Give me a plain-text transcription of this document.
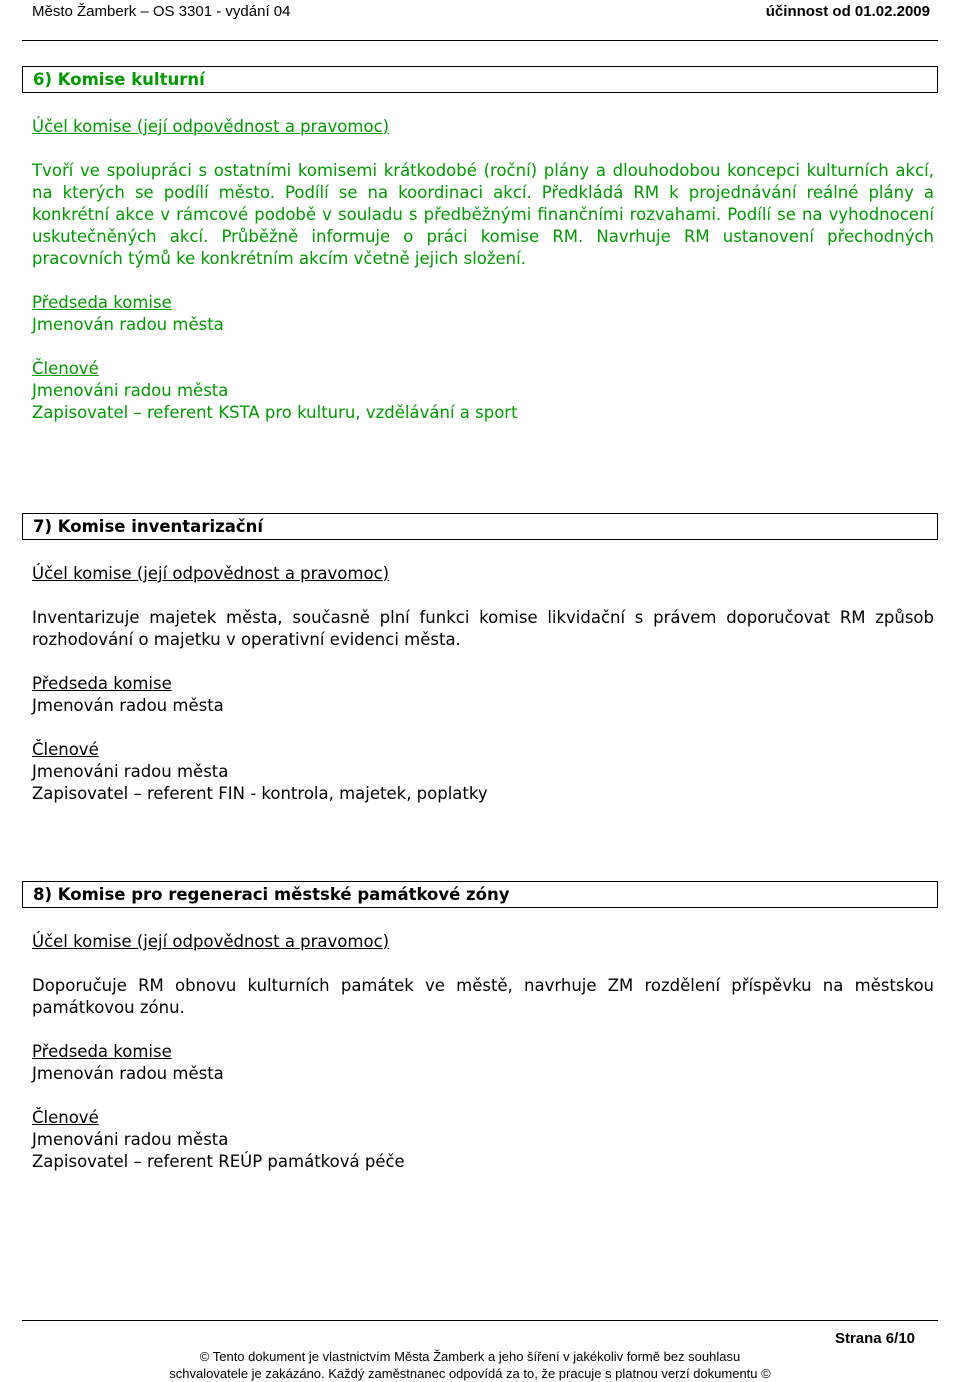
Město Žamberk – OS 3301 - vydání 04	účinnost od 01.02.2009
6) Komise kulturní
Účel komise (její odpovědnost a pravomoc)
Tvoří ve spolupráci s ostatními komisemi krátkodobé (roční) plány a dlouhodobou koncepci kulturních akcí, na kterých se podílí město. Podílí se na koordinaci akcí. Předkládá RM k projednávání reálné plány a konkrétní akce v rámcové podobě v souladu s předběžnými finančními rozvahami. Podílí se na vyhodnocení uskutečněných akcí. Průběžně informuje o práci komise RM. Navrhuje RM ustanovení přechodných pracovních týmů ke konkrétním akcím včetně jejich složení.
Předseda komise
Jmenován radou města
Členové
Jmenováni radou města
Zapisovatel – referent KSTA pro kulturu, vzdělávání a sport
7) Komise inventarizační
Účel komise (její odpovědnost a pravomoc)
Inventarizuje majetek města, současně plní funkci komise likvidační s právem doporučovat RM způsob rozhodování o majetku v operativní evidenci města.
Předseda komise
Jmenován radou města
Členové
Jmenováni radou města
Zapisovatel – referent FIN - kontrola, majetek, poplatky
8) Komise pro regeneraci městské památkové zóny
Účel komise (její odpovědnost a pravomoc)
Doporučuje RM obnovu kulturních památek ve městě, navrhuje ZM rozdělení příspěvku na městskou památkovou zónu.
Předseda komise
Jmenován radou města
Členové
Jmenováni radou města
Zapisovatel – referent REÚP památková péče
© Tento dokument je vlastnictvím Města Žamberk a jeho šíření v jakékoliv formě bez souhlasu
schvalovatele je zakázáno. Každý zaměstnanec odpovídá za to, že pracuje s platnou verzí dokumentu ©
Strana 6/10
